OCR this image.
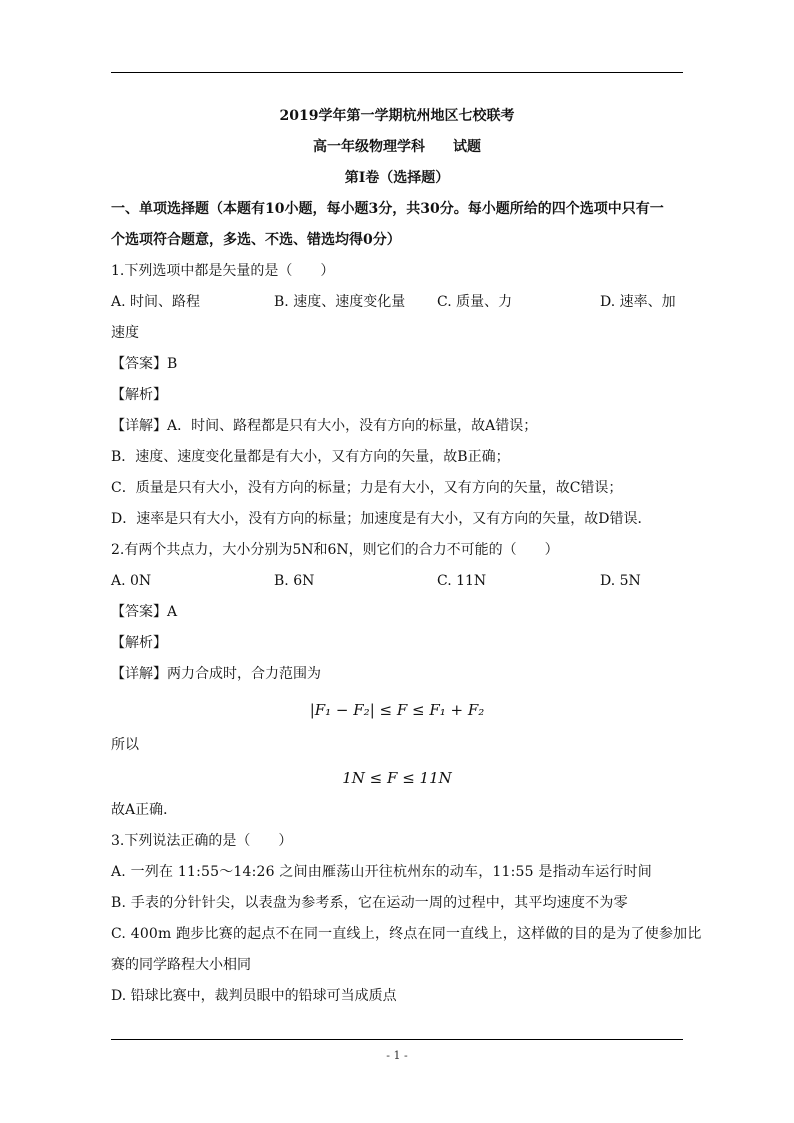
2019学年第一学期杭州地区七校联考
高一年级物理学科　　试题
第Ⅰ卷（选择题）
一、单项选择题（本题有10小题，每小题3分，共30分。每小题所给的四个选项中只有一
个选项符合题意，多选、不选、错选均得0分）
1.下列选项中都是矢量的是（　　）
A. 时间、路程	B. 速度、速度变化量 C. 质量、力	D. 速率、加
速度
【答案】B
【解析】
【详解】A．时间、路程都是只有大小，没有方向的标量，故A错误；
B．速度、速度变化量都是有大小，又有方向的矢量，故B正确；
C．质量是只有大小，没有方向的标量；力是有大小，又有方向的矢量，故C错误；
D．速率是只有大小，没有方向的标量；加速度是有大小，又有方向的矢量，故D错误．
2.有两个共点力，大小分别为5N和6N，则它们的合力不可能的（　　）
A. 0N	B. 6N	C. 11N	D. 5N
【答案】A
【解析】
【详解】两力合成时，合力范围为
|F₁ − F₂| ≤ F ≤ F₁ + F₂
所以
1N ≤ F ≤ 11N
故A正确．
3.下列说法正确的是（　　）
A. 一列在 11:55～14:26 之间由雁荡山开往杭州东的动车，11:55 是指动车运行时间
B. 手表的分针针尖，以表盘为参考系，它在运动一周的过程中，其平均速度不为零
C. 400m 跑步比赛的起点不在同一直线上，终点在同一直线上，这样做的目的是为了使参加比
赛的同学路程大小相同
D. 铅球比赛中，裁判员眼中的铅球可当成质点
- 1 -
